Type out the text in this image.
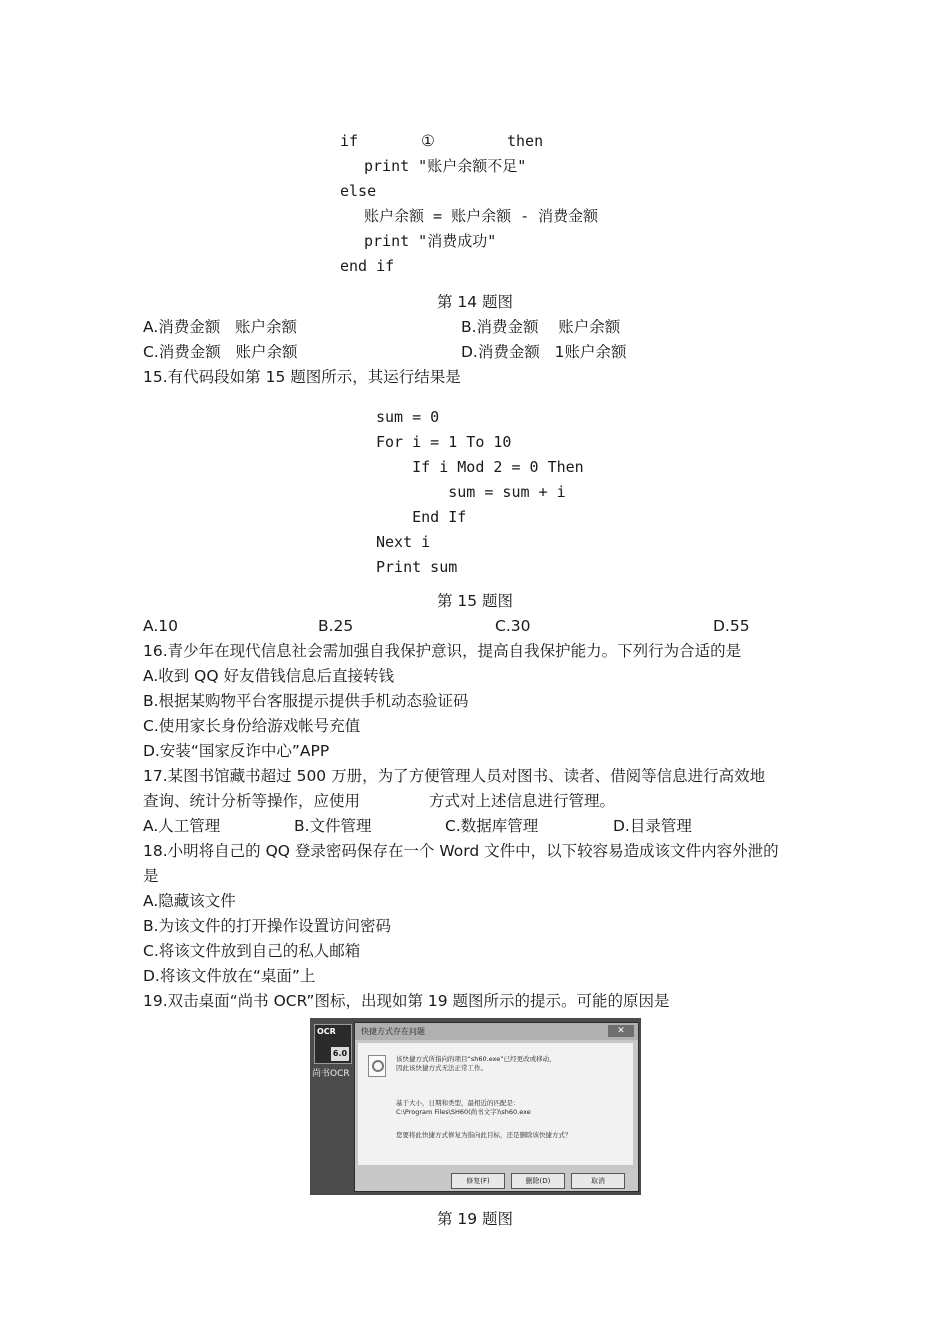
if	①	then
print "账户余额不足"
else
账户余额 = 账户余额 - 消费金额
print "消费成功"
end if
第 14 题图
A.消费金额   账户余额	B.消费金额    账户余额
C.消费金额   账户余额	D.消费金额   1账户余额
15.有代码段如第 15 题图所示，其运行结果是
sum = 0
For i = 1 To 10
If i Mod 2 = 0 Then
sum = sum + i
End If
Next i
Print sum
第 15 题图
A.10	B.25	C.30	D.55
16.青少年在现代信息社会需加强自我保护意识，提高自我保护能力。下列行为合适的是
A.收到 QQ 好友借钱信息后直接转钱
B.根据某购物平台客服提示提供手机动态验证码
C.使用家长身份给游戏帐号充值
D.安装“国家反诈中心”APP
17.某图书馆藏书超过 500 万册，为了方便管理人员对图书、读者、借阅等信息进行高效地
查询、统计分析等操作，应使用              方式对上述信息进行管理。
A.人工管理	B.文件管理	C.数据库管理	D.目录管理
18.小明将自己的 QQ 登录密码保存在一个 Word 文件中，以下较容易造成该文件内容外泄的
是
A.隐藏该文件
B.为该文件的打开操作设置访问密码
C.将该文件放到自己的私人邮箱
D.将该文件放在“桌面”上
19.双击桌面“尚书 OCR”图标，出现如第 19 题图所示的提示。可能的原因是
OCR
6.0
尚书OCR
快捷方式存在问题	✕
该快捷方式所指向的项目“sh60.exe”已经更改或移动，
因此该快捷方式无法正常工作。
基于大小，日期和类型，最相近的匹配是：
C:\Program Files\SH60(尚书文字)\sh60.exe
您要将此快捷方式修复为指向此目标，还是删除该快捷方式？
修复(F)	删除(D)	取消
第 19 题图
